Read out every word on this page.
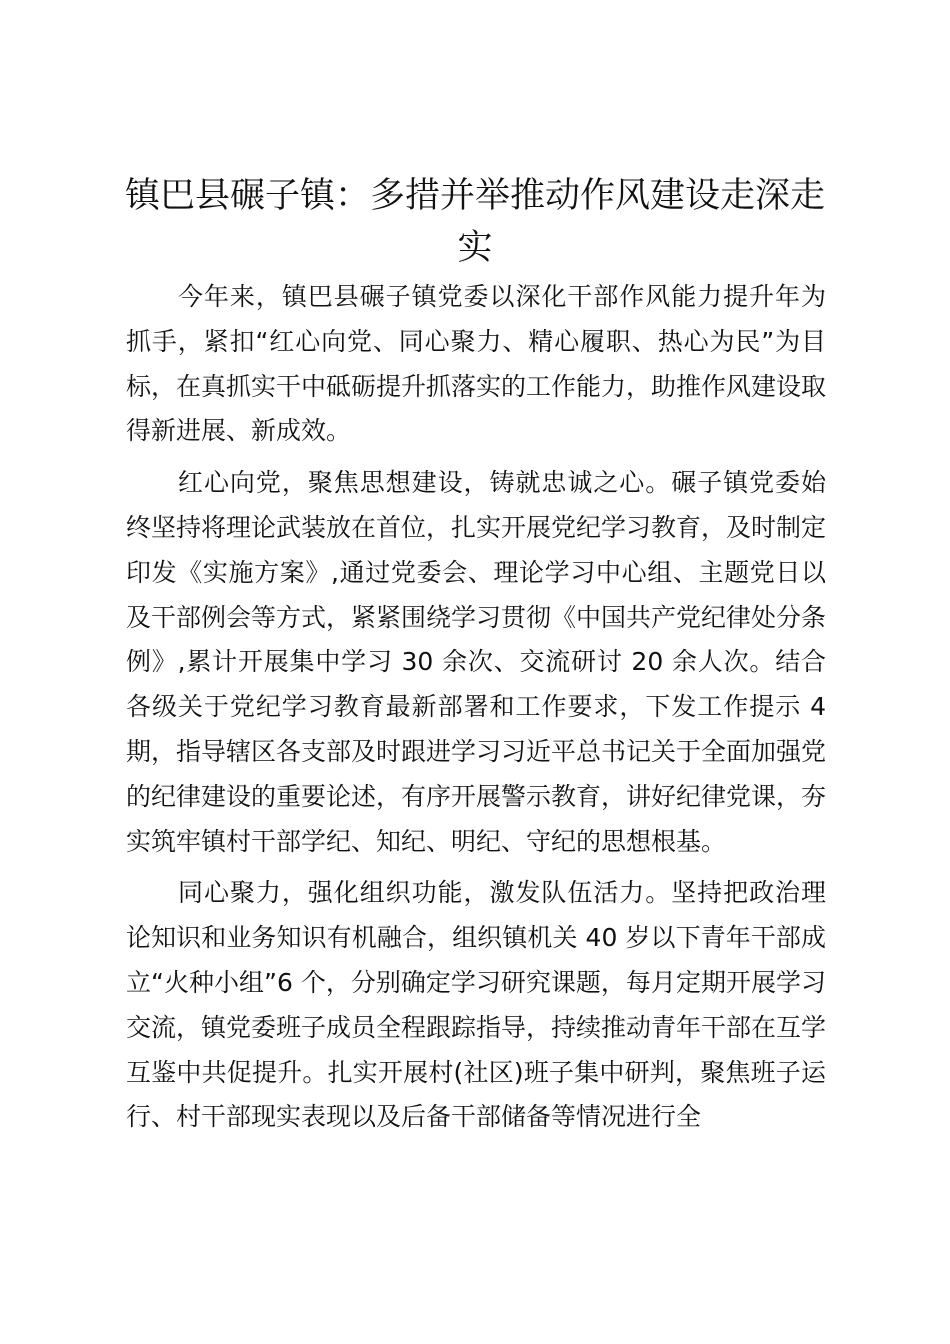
镇巴县碾子镇：多措并举推动作风建设走深走实

今年来，镇巴县碾子镇党委以深化干部作风能力提升年为抓手，紧扣“红心向党、同心聚力、精心履职、热心为民”为目标，在真抓实干中砥砺提升抓落实的工作能力，助推作风建设取得新进展、新成效。

红心向党，聚焦思想建设，铸就忠诚之心。碾子镇党委始终坚持将理论武装放在首位，扎实开展党纪学习教育，及时制定印发《实施方案》,通过党委会、理论学习中心组、主题党日以及干部例会等方式，紧紧围绕学习贯彻《中国共产党纪律处分条例》,累计开展集中学习 30 余次、交流研讨 20 余人次。结合各级关于党纪学习教育最新部署和工作要求，下发工作提示 4 期，指导辖区各支部及时跟进学习习近平总书记关于全面加强党的纪律建设的重要论述，有序开展警示教育，讲好纪律党课，夯实筑牢镇村干部学纪、知纪、明纪、守纪的思想根基。

同心聚力，强化组织功能，激发队伍活力。坚持把政治理论知识和业务知识有机融合，组织镇机关 40 岁以下青年干部成立“火种小组”6 个，分别确定学习研究课题，每月定期开展学习交流，镇党委班子成员全程跟踪指导，持续推动青年干部在互学互鉴中共促提升。扎实开展村(社区)班子集中研判，聚焦班子运行、村干部现实表现以及后备干部储备等情况进行全
